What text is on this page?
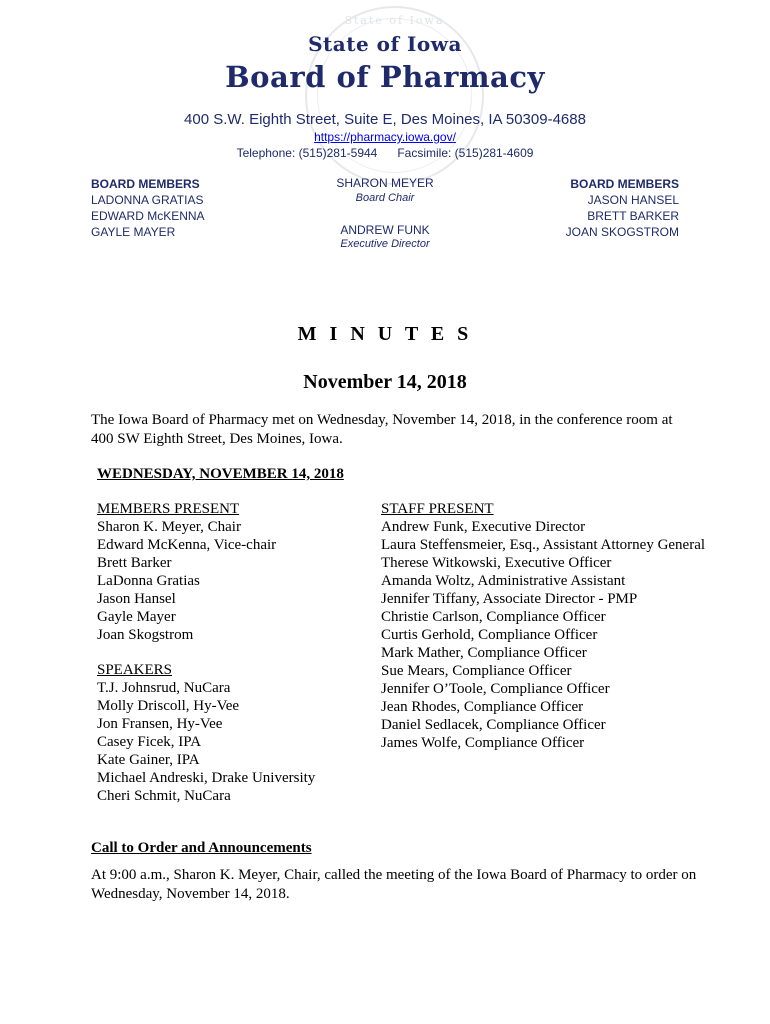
State of Iowa
State of Iowa
Board of Pharmacy
400 S.W. Eighth Street, Suite E, Des Moines, IA 50309-4688
https://pharmacy.iowa.gov/
Telephone: (515)281-5944      Facsimile: (515)281-4609
BOARD MEMBERS
LADONNA GRATIAS
EDWARD McKENNA
GAYLE MAYER
SHARON MEYER
Board Chair
ANDREW FUNK
Executive Director
BOARD MEMBERS
JASON HANSEL
BRETT BARKER
JOAN SKOGSTROM
M I N U T E S
November 14, 2018
The Iowa Board of Pharmacy met on Wednesday, November 14, 2018, in the conference room at 400 SW Eighth Street, Des Moines, Iowa.
WEDNESDAY, NOVEMBER 14, 2018
MEMBERS PRESENT
Sharon K. Meyer, Chair
Edward McKenna, Vice-chair
Brett Barker
LaDonna Gratias
Jason Hansel
Gayle Mayer
Joan Skogstrom
SPEAKERS
T.J. Johnsrud, NuCara
Molly Driscoll, Hy-Vee
Jon Fransen, Hy-Vee
Casey Ficek, IPA
Kate Gainer, IPA
Michael Andreski, Drake University
Cheri Schmit, NuCara
STAFF PRESENT
Andrew Funk, Executive Director
Laura Steffensmeier, Esq., Assistant Attorney General
Therese Witkowski, Executive Officer
Amanda Woltz, Administrative Assistant
Jennifer Tiffany, Associate Director - PMP
Christie Carlson, Compliance Officer
Curtis Gerhold, Compliance Officer
Mark Mather, Compliance Officer
Sue Mears, Compliance Officer
Jennifer O’Toole, Compliance Officer
Jean Rhodes, Compliance Officer
Daniel Sedlacek, Compliance Officer
James Wolfe, Compliance Officer
Call to Order and Announcements
At 9:00 a.m., Sharon K. Meyer, Chair, called the meeting of the Iowa Board of Pharmacy to order on Wednesday, November 14, 2018.
